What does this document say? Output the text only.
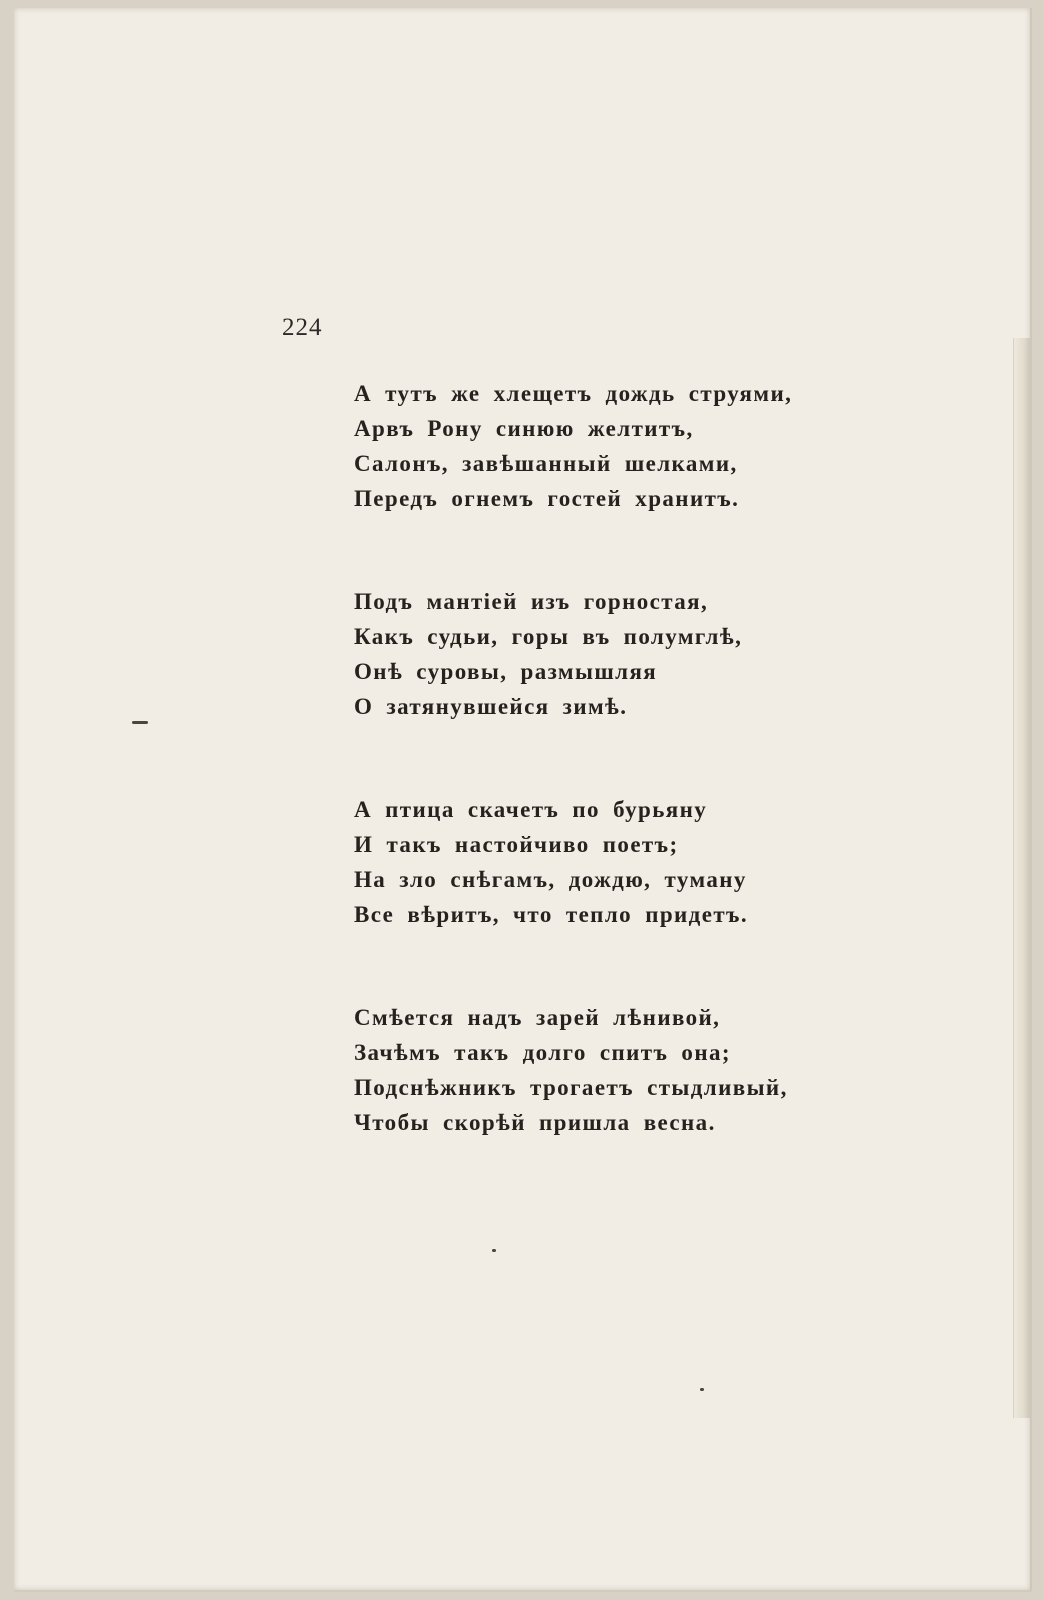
224
А тутъ же хлещетъ дождь струями,
Арвъ Рону синюю желтитъ,
Салонъ, завѣшанный шелками,
Передъ огнемъ гостей хранитъ.
Подъ мантіей изъ горностая,
Какъ судьи, горы въ полумглѣ,
Онѣ суровы, размышляя
О затянувшейся зимѣ.
А птица скачетъ по бурьяну
И такъ настойчиво поетъ;
На зло снѣгамъ, дождю, туману
Все вѣритъ, что тепло придетъ.
Смѣется надъ зарей лѣнивой,
Зачѣмъ такъ долго спитъ она;
Подснѣжникъ трогаетъ стыдливый,
Чтобы скорѣй пришла весна.
